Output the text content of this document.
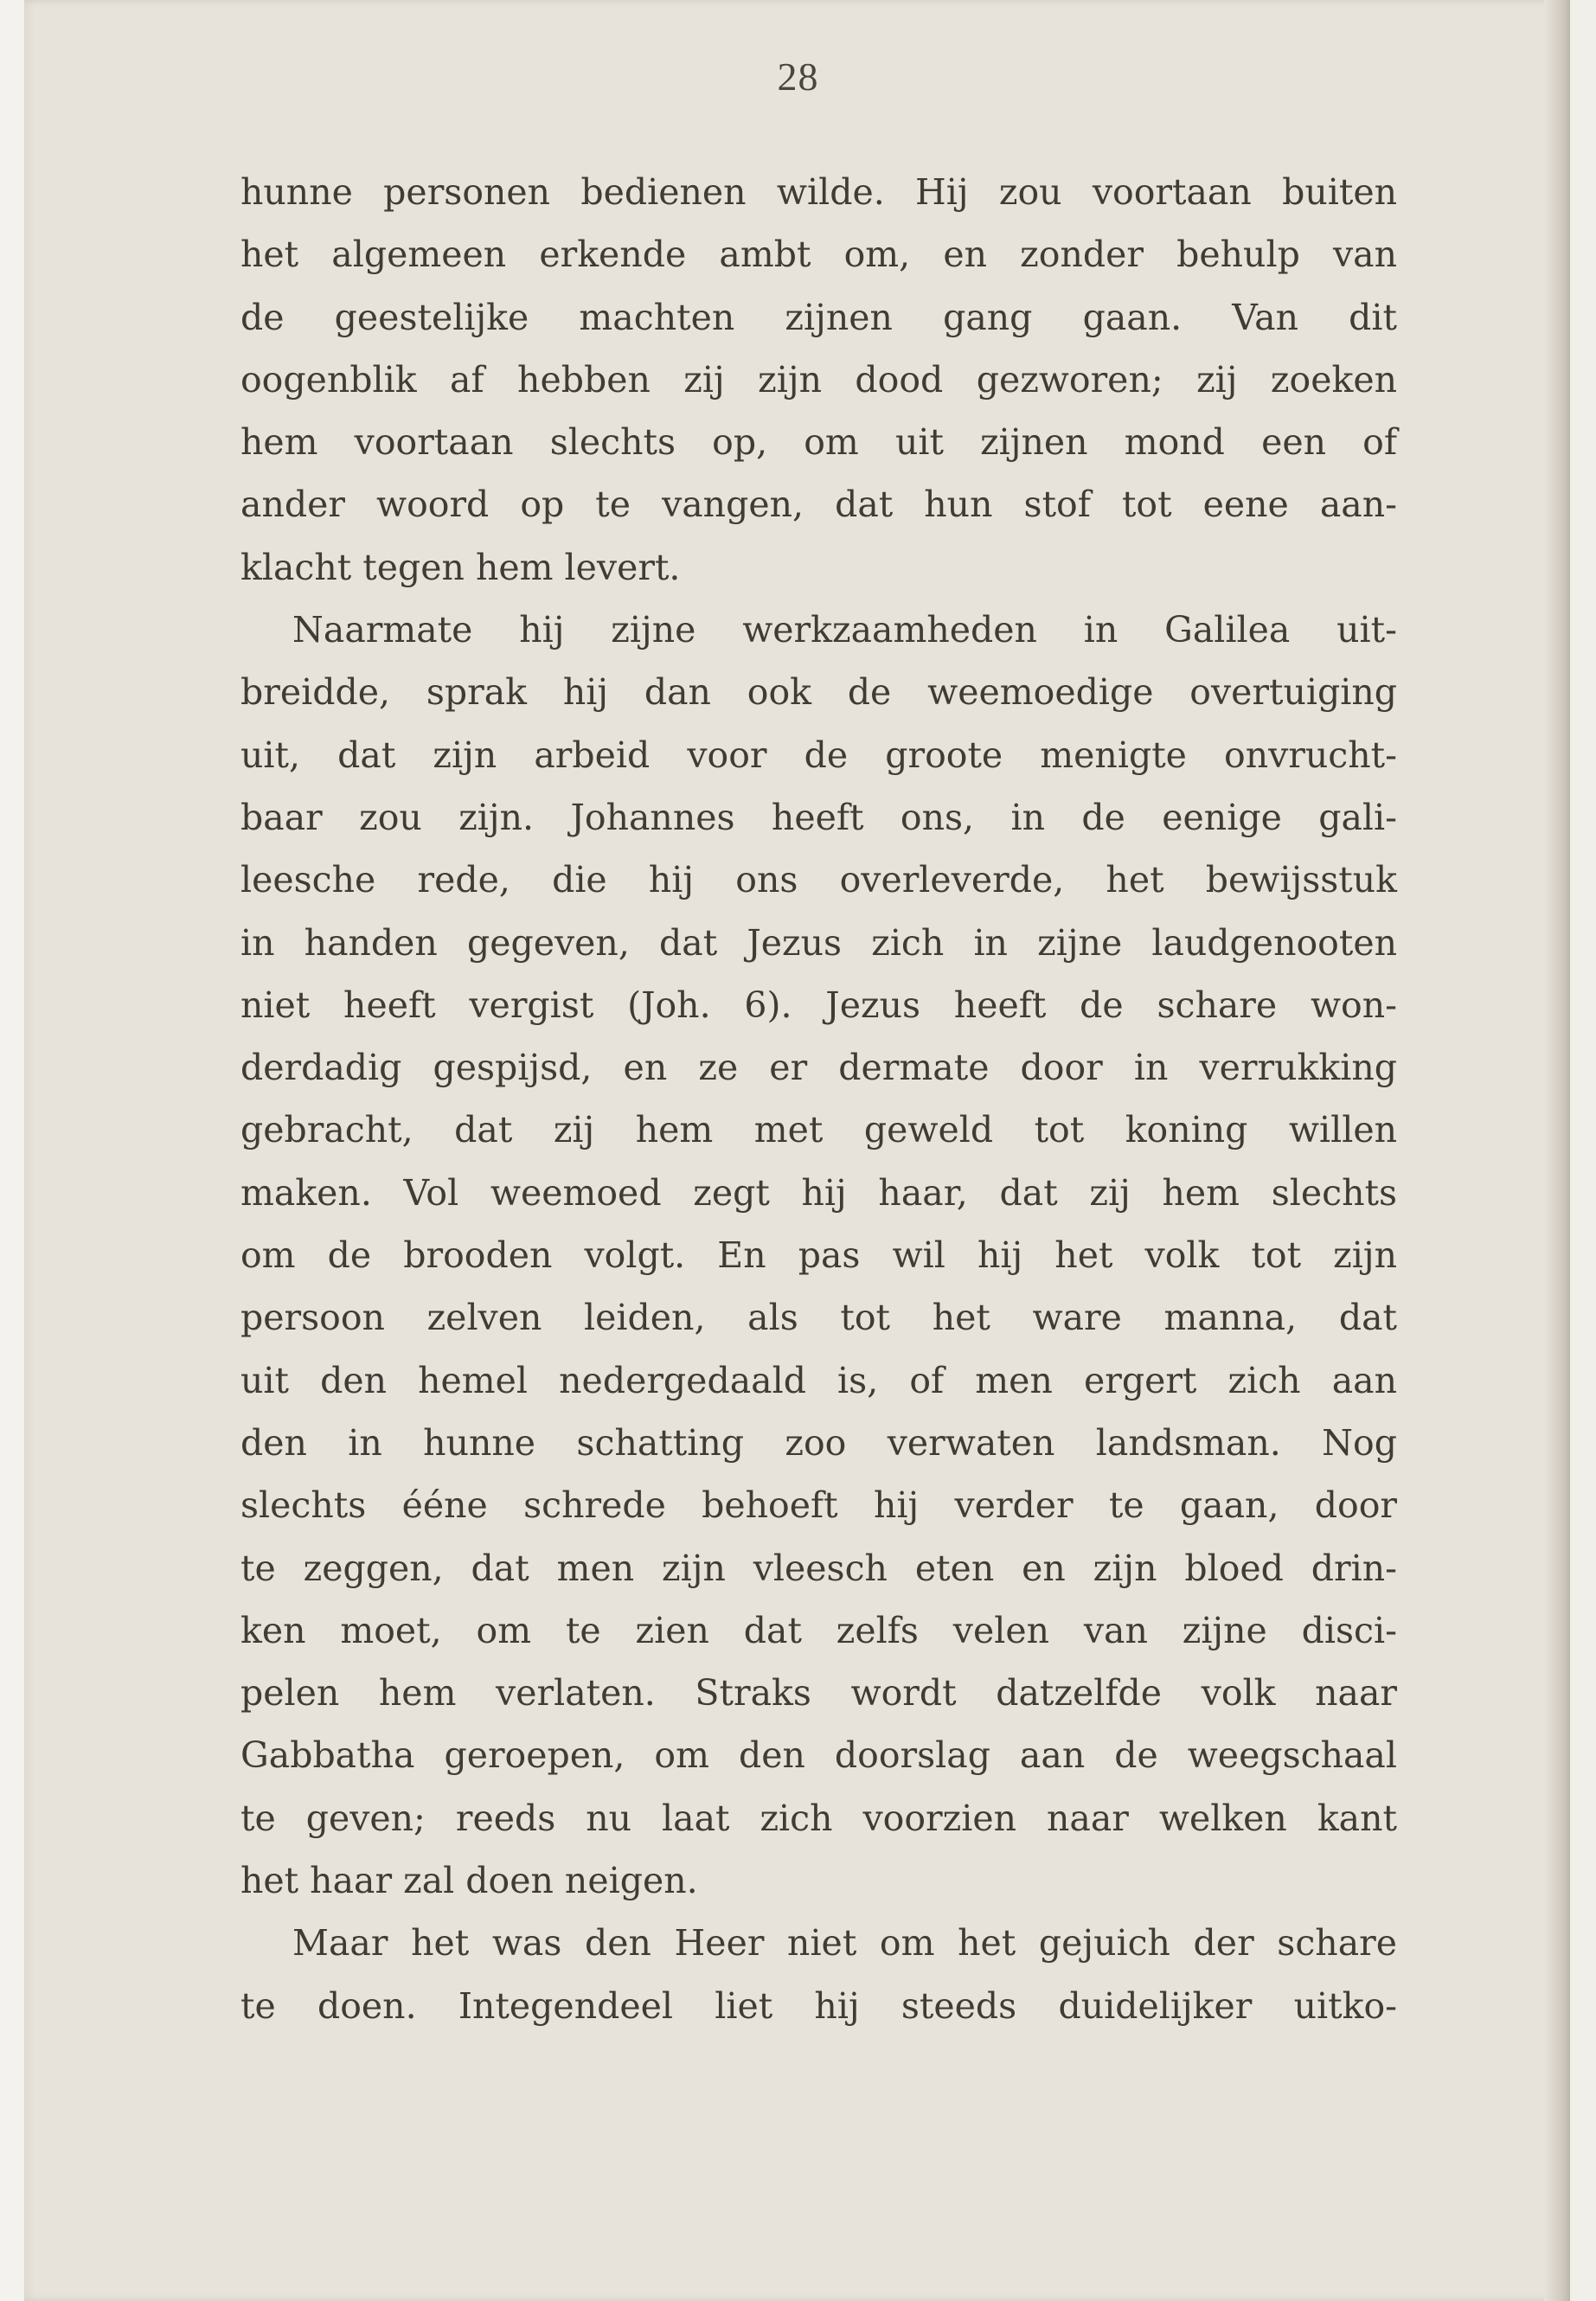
28
hunne personen bedienen wilde. Hij zou voortaan buiten
het algemeen erkende ambt om, en zonder behulp van
de geestelijke machten zijnen gang gaan. Van dit
oogenblik af hebben zij zijn dood gezworen; zij zoeken
hem voortaan slechts op, om uit zijnen mond een of
ander woord op te vangen, dat hun stof tot eene aan-
klacht tegen hem levert.
Naarmate hij zijne werkzaamheden in Galilea uit-
breidde, sprak hij dan ook de weemoedige overtuiging
uit, dat zijn arbeid voor de groote menigte onvrucht-
baar zou zijn. Johannes heeft ons, in de eenige gali-
leesche rede, die hij ons overleverde, het bewijsstuk
in handen gegeven, dat Jezus zich in zijne laudgenooten
niet heeft vergist (Joh. 6). Jezus heeft de schare won-
derdadig gespijsd, en ze er dermate door in verrukking
gebracht, dat zij hem met geweld tot koning willen
maken. Vol weemoed zegt hij haar, dat zij hem slechts
om de brooden volgt. En pas wil hij het volk tot zijn
persoon zelven leiden, als tot het ware manna, dat
uit den hemel nedergedaald is, of men ergert zich aan
den in hunne schatting zoo verwaten landsman. Nog
slechts ééne schrede behoeft hij verder te gaan, door
te zeggen, dat men zijn vleesch eten en zijn bloed drin-
ken moet, om te zien dat zelfs velen van zijne disci-
pelen hem verlaten. Straks wordt datzelfde volk naar
Gabbatha geroepen, om den doorslag aan de weegschaal
te geven; reeds nu laat zich voorzien naar welken kant
het haar zal doen neigen.
Maar het was den Heer niet om het gejuich der schare
te doen. Integendeel liet hij steeds duidelijker uitko-
